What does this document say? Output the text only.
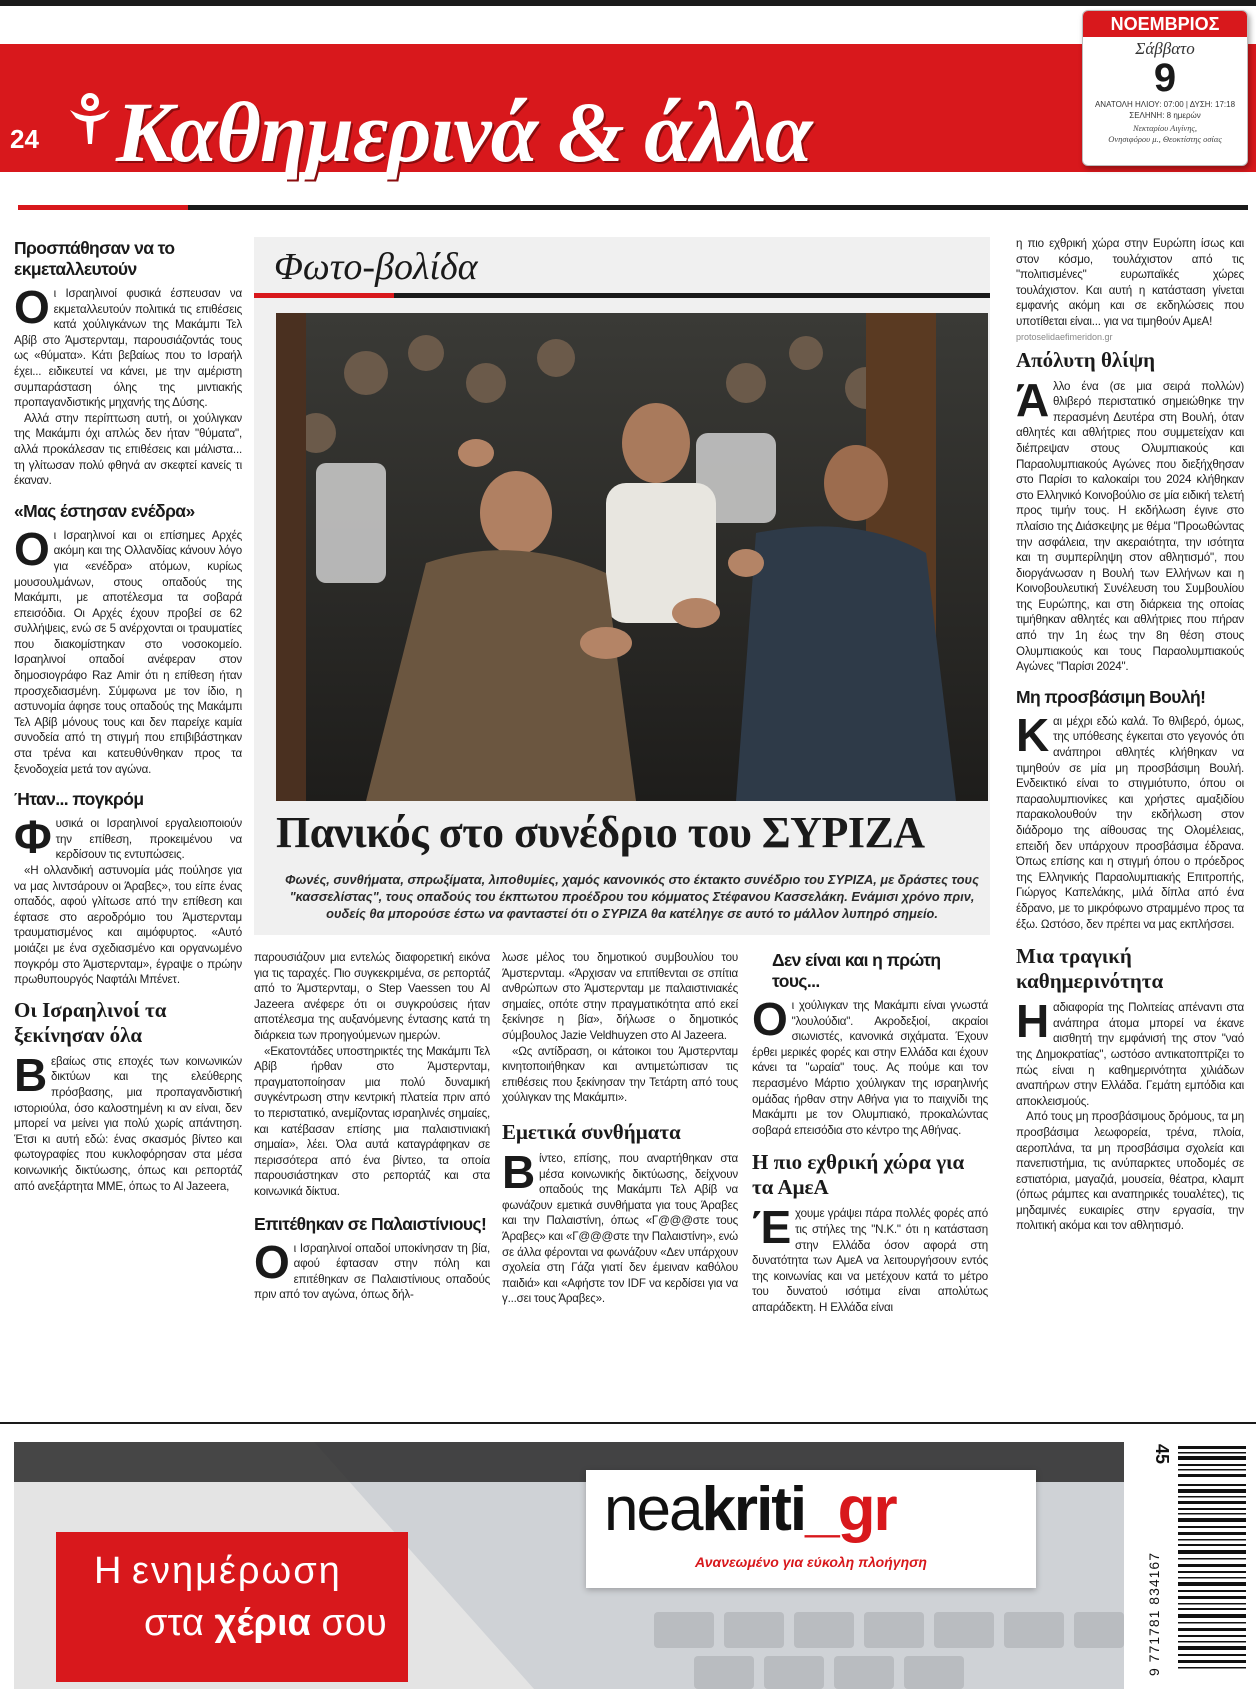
24 Καθημερινά & άλλα
ΝΟΕΜΒΡΙΟΣ
Σάββατο
9
ΑΝΑΤΟΛΗ ΗΛΙΟΥ: 07:00 | ΔΥΣΗ: 17:18
ΣΕΛΗΝΗ: 8 ημερών
Νεκταρίου Αιγίνης,
Ονησιφόρου μ., Θεοκτίστης οσίας
Προσπάθησαν να το εκμεταλλευτούν

Οι Ισραηλινοί φυσικά έσπευσαν να εκμεταλλευτούν πολιτικά τις επιθέσεις κατά χούλιγκάνων της Μακάμπι Τελ Αβίβ στο Άμστερνταμ, παρουσιάζοντάς τους ως «θύματα». Κάτι βεβαίως που το Ισραήλ έχει... ειδικευτεί να κάνει, με την αμέριστη συμπαράσταση όλης της μιντιακής προπαγανδιστικής μηχανής της Δύσης.

Αλλά στην περίπτωση αυτή, οι χούλιγκαν της Μακάμπι όχι απλώς δεν ήταν "θύματα", αλλά προκάλεσαν τις επιθέσεις και μάλιστα... τη γλίτωσαν πολύ φθηνά αν σκεφτεί κανείς τι έκαναν.

«Μας έστησαν ενέδρα»

Οι Ισραηλινοί και οι επίσημες Αρχές ακόμη και της Ολλανδίας κάνουν λόγο για «ενέδρα» ατόμων, κυρίως μουσουλμάνων, στους οπαδούς της Μακάμπι, με αποτέλεσμα τα σοβαρά επεισόδια. Οι Αρχές έχουν προβεί σε 62 συλλήψεις, ενώ σε 5 ανέρχονται οι τραυματίες που διακομίστηκαν στο νοσοκομείο. Ισραηλινοί οπαδοί ανέφεραν στον δημοσιογράφο Raz Amir ότι η επίθεση ήταν προσχεδιασμένη. Σύμφωνα με τον ίδιο, η αστυνομία άφησε τους οπαδούς της Μακάμπι Τελ Αβίβ μόνους τους και δεν παρείχε καμία συνοδεία από τη στιγμή που επιβιβάστηκαν στα τρένα και κατευθύνθηκαν προς τα ξενοδοχεία μετά τον αγώνα.

Ήταν... πογκρόμ

Φυσικά οι Ισραηλινοί εργαλειοποιούν την επίθεση, προκειμένου να κερδίσουν τις εντυπώσεις.

«Η ολλανδική αστυνομία μάς πούλησε για να μας λιντσάρουν οι Άραβες», του είπε ένας οπαδός, αφού γλίτωσε από την επίθεση και έφτασε στο αεροδρόμιο του Άμστερνταμ τραυματισμένος και αιμόφυρτος. «Αυτό μοιάζει με ένα σχεδιασμένο και οργανωμένο πογκρόμ στο Άμστερνταμ», έγραψε ο πρώην πρωθυπουργός Ναφτάλι Μπένετ.

Οι Ισραηλινοί τα ξεκίνησαν όλα

Βεβαίως στις εποχές των κοινωνικών δικτύων και της ελεύθερης πρόσβασης, μια προπαγανδιστική ιστοριούλα, όσο καλοστημένη κι αν είναι, δεν μπορεί να μείνει για πολύ χωρίς απάντηση. Έτσι κι αυτή εδώ: ένας σκασμός βίντεο και φωτογραφίες που κυκλοφόρησαν στα μέσα κοινωνικής δικτύωσης, όπως και ρεπορτάζ από ανεξάρτητα ΜΜΕ, όπως το Al Jazeera,

Φωτο-βολίδα
Πανικός στο συνέδριο του ΣΥΡΙΖΑ
Φωνές, συνθήματα, σπρωξίματα, λιποθυμίες, χαμός κανονικός στο έκτακτο συνέδριο του ΣΥΡΙΖΑ, με δράστες τους "κασσελίστας", τους οπαδούς του έκπτωτου προέδρου του κόμματος Στέφανου Κασσελάκη. Ενάμισι χρόνο πριν, ουδείς θα μπορούσε έστω να φανταστεί ότι ο ΣΥΡΙΖΑ θα κατέληγε σε αυτό το μάλλον λυπηρό σημείο.

παρουσιάζουν μια εντελώς διαφορετική εικόνα για τις ταραχές. Πιο συγκεκριμένα, σε ρεπορτάζ από το Άμστερνταμ, ο Step Vaessen του Al Jazeera ανέφερε ότι οι συγκρούσεις ήταν αποτέλεσμα της αυξανόμενης έντασης κατά τη διάρκεια των προηγούμενων ημερών.

«Εκατοντάδες υποστηρικτές της Μακάμπι Τελ Αβίβ ήρθαν στο Άμστερνταμ, πραγματοποίησαν μια πολύ δυναμική συγκέντρωση στην κεντρική πλατεία πριν από το περιστατικό, ανεμίζοντας ισραηλινές σημαίες, και κατέβασαν επίσης μια παλαιστινιακή σημαία», λέει. Όλα αυτά καταγράφηκαν σε περισσότερα από ένα βίντεο, τα οποία παρουσιάστηκαν στο ρεπορτάζ και στα κοινωνικά δίκτυα.

Επιτέθηκαν σε Παλαιστίνιους!

Οι Ισραηλινοί οπαδοί υποκίνησαν τη βία, αφού έφτασαν στην πόλη και επιτέθηκαν σε Παλαιστίνιους οπαδούς πριν από τον αγώνα, όπως δήλ-

λωσε μέλος του δημοτικού συμβουλίου του Άμστερνταμ. «Άρχισαν να επιτίθενται σε σπίτια ανθρώπων στο Άμστερνταμ με παλαιστινιακές σημαίες, οπότε στην πραγματικότητα από εκεί ξεκίνησε η βία», δήλωσε ο δημοτικός σύμβουλος Jazie Veldhuyzen στο Al Jazeera.

«Ως αντίδραση, οι κάτοικοι του Άμστερνταμ κινητοποιήθηκαν και αντιμετώπισαν τις επιθέσεις που ξεκίνησαν την Τετάρτη από τους χούλιγκαν της Μακάμπι».

Εμετικά συνθήματα

Βίντεο, επίσης, που αναρτήθηκαν στα μέσα κοινωνικής δικτύωσης, δείχνουν οπαδούς της Μακάμπι Τελ Αβίβ να φωνάζουν εμετικά συνθήματα για τους Άραβες και την Παλαιστίνη, όπως «Γ@@@στε τους Άραβες» και «Γ@@@στε την Παλαιστίνη», ενώ σε άλλα φέρονται να φωνάζουν «Δεν υπάρχουν σχολεία στη Γάζα γιατί δεν έμειναν καθόλου παιδιά» και «Αφήστε τον IDF να κερδίσει για να γ...σει τους Άραβες».

Δεν είναι και η πρώτη τους...

Οι χούλιγκαν της Μακάμπι είναι γνωστά "λουλούδια". Ακροδεξιοί, ακραίοι σιωνιστές, κανονικά σιχάματα. Έχουν έρθει μερικές φορές και στην Ελλάδα και έχουν κάνει τα "ωραία" τους. Ας πούμε και τον περασμένο Μάρτιο χούλιγκαν της ισραηλινής ομάδας ήρθαν στην Αθήνα για το παιχνίδι της Μακάμπι με τον Ολυμπιακό, προκαλώντας σοβαρά επεισόδια στο κέντρο της Αθήνας.

Η πιο εχθρική χώρα για τα ΑμεΑ

Έχουμε γράψει πάρα πολλές φορές από τις στήλες της "Ν.Κ." ότι η κατάσταση στην Ελλάδα όσον αφορά στη δυνατότητα των ΑμεΑ να λειτουργήσουν εντός της κοινωνίας και να μετέχουν κατά το μέτρο του δυνατού ισότιμα είναι απολύτως απαράδεκτη. Η Ελλάδα είναι

η πιο εχθρική χώρα στην Ευρώπη ίσως και στον κόσμο, τουλάχιστον από τις "πολιτισμένες" ευρωπαϊκές χώρες τουλάχιστον. Και αυτή η κατάσταση γίνεται εμφανής ακόμη και σε εκδηλώσεις που υποτίθεται είναι... για να τιμηθούν ΑμεΑ!

protoselidaefimeridon.gr
Απόλυτη θλίψη

Άλλο ένα (σε μια σειρά πολλών) θλιβερό περιστατικό σημειώθηκε την περασμένη Δευτέρα στη Βουλή, όταν αθλητές και αθλήτριες που συμμετείχαν και διέπρεψαν στους Ολυμπιακούς και Παραολυμπιακούς Αγώνες που διεξήχθησαν στο Παρίσι το καλοκαίρι του 2024 κλήθηκαν στο Ελληνικό Κοινοβούλιο σε μία ειδική τελετή προς τιμήν τους. Η εκδήλωση έγινε στο πλαίσιο της Διάσκεψης με θέμα "Προωθώντας την ασφάλεια, την ακεραιότητα, την ισότητα και τη συμπερίληψη στον αθλητισμό", που διοργάνωσαν η Βουλή των Ελλήνων και η Κοινοβουλευτική Συνέλευση του Συμβουλίου της Ευρώπης, και στη διάρκεια της οποίας τιμήθηκαν αθλητές και αθλήτριες που πήραν από την 1η έως την 8η θέση στους Ολυμπιακούς και τους Παραολυμπιακούς Αγώνες "Παρίσι 2024".

Μη προσβάσιμη Βουλή!

Και μέχρι εδώ καλά. Το θλιβερό, όμως, της υπόθεσης έγκειται στο γεγονός ότι ανάπηροι αθλητές κλήθηκαν να τιμηθούν σε μία μη προσβάσιμη Βουλή. Ενδεικτικό είναι το στιγμιότυπο, όπου οι παραολυμπιονίκες και χρήστες αμαξιδίου παρακολουθούν την εκδήλωση στον διάδρομο της αίθουσας της Ολομέλειας, επειδή δεν υπάρχουν προσβάσιμα έδρανα. Όπως επίσης και η στιγμή όπου ο πρόεδρος της Ελληνικής Παραολυμπιακής Επιτροπής, Γιώργος Καπελάκης, μιλά δίπλα από ένα έδρανο, με το μικρόφωνο στραμμένο προς τα έξω. Ωστόσο, δεν πρέπει να μας εκπλήσσει.

Μια τραγική καθημερινότητα

Ηαδιαφορία της Πολιτείας απέναντι στα ανάπηρα άτομα μπορεί να έκανε αισθητή την εμφάνισή της στον "ναό της Δημοκρατίας", ωστόσο αντικατοπτρίζει το πώς είναι η καθημερινότητα χιλιάδων αναπήρων στην Ελλάδα. Γεμάτη εμπόδια και αποκλεισμούς.

Από τους μη προσβάσιμους δρόμους, τα μη προσβάσιμα λεωφορεία, τρένα, πλοία, αεροπλάνα, τα μη προσβάσιμα σχολεία και πανεπιστήμια, τις ανύπαρκτες υποδομές σε εστιατόρια, μαγαζιά, μουσεία, θέατρα, κλαμπ (όπως ράμπες και αναπηρικές τουαλέτες), τις μηδαμινές ευκαιρίες στην εργασία, την πολιτική ακόμα και τον αθλητισμό.

Η ενημέρωση
στα χέρια σου
neakriti_gr
Ανανεωμένο για εύκολη πλοήγηση
45
9 771781 834167
